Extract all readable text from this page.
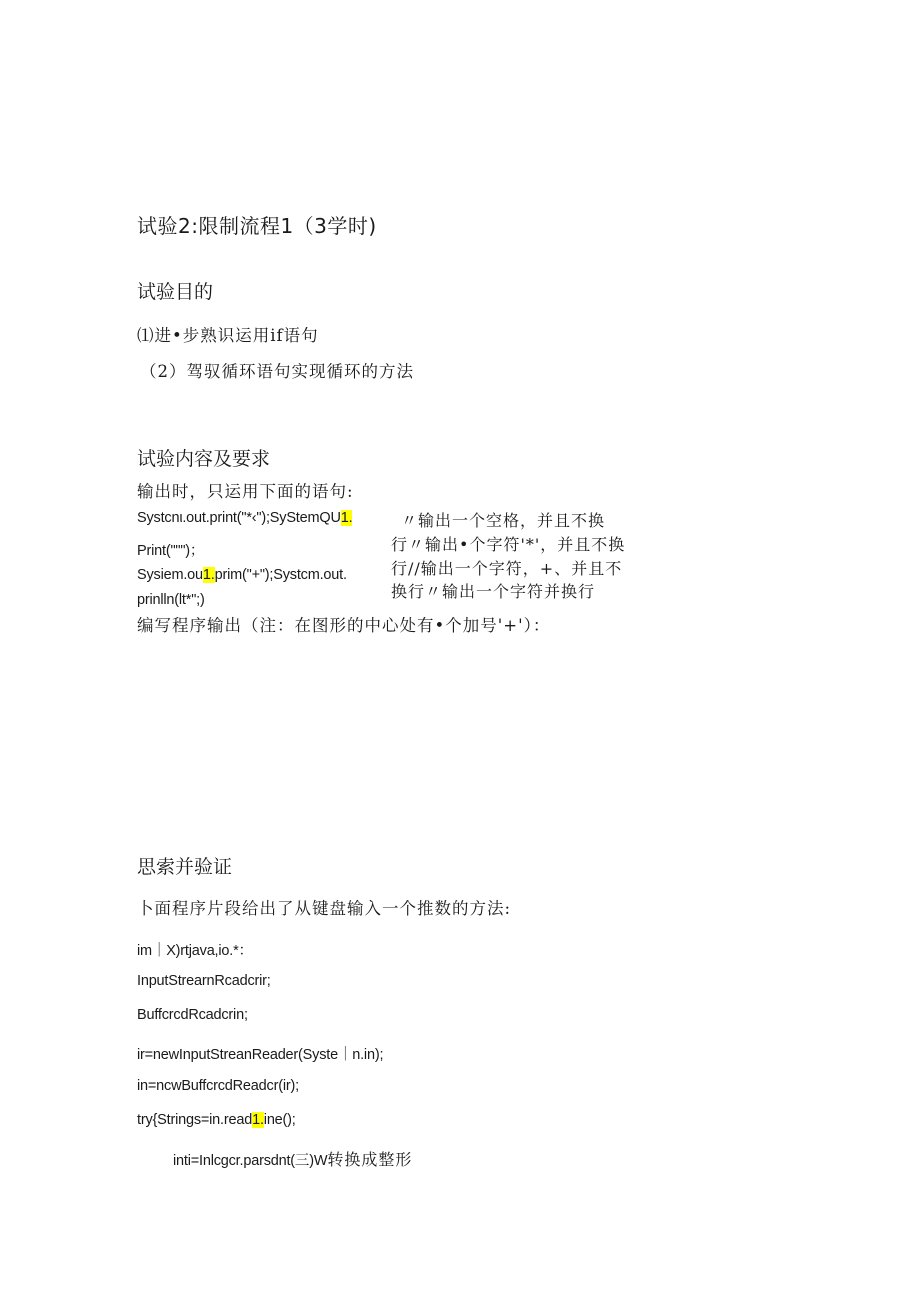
试验2:限制流程1（3学时)
试验目的
⑴进•步熟识运用if语句
（2）驾驭循环语句实现循环的方法
试验内容及要求
输出时，只运用下面的语句:
Systcnι.out.print("*‹");SyStemQU1.
Print(""")；
Sysiem.ou1.prim("+");Systcm.out.
prinlln(lt*";)
〃输出一个空格，并且不换
行〃输出•个字符'*'，并且不换
行//输出一个字符，+、并且不
换行〃输出一个字符并换行
编写程序输出（注：在图形的中心处有•个加号'+'）：
思索并验证
卜面程序片段给出了从键盘输入一个推数的方法:
im｜X)rtjava,io.*：
InputStrearnRcadcrir;
BuffcrcdRcadcrin;
ir=newInputStreanReader(Syste｜n.in);
in=ncwBuffcrcdReadcr(ir);
try{Strings=in.read1.ine();
inti=Inlcgcr.parsdnt(三)W转换成整形
